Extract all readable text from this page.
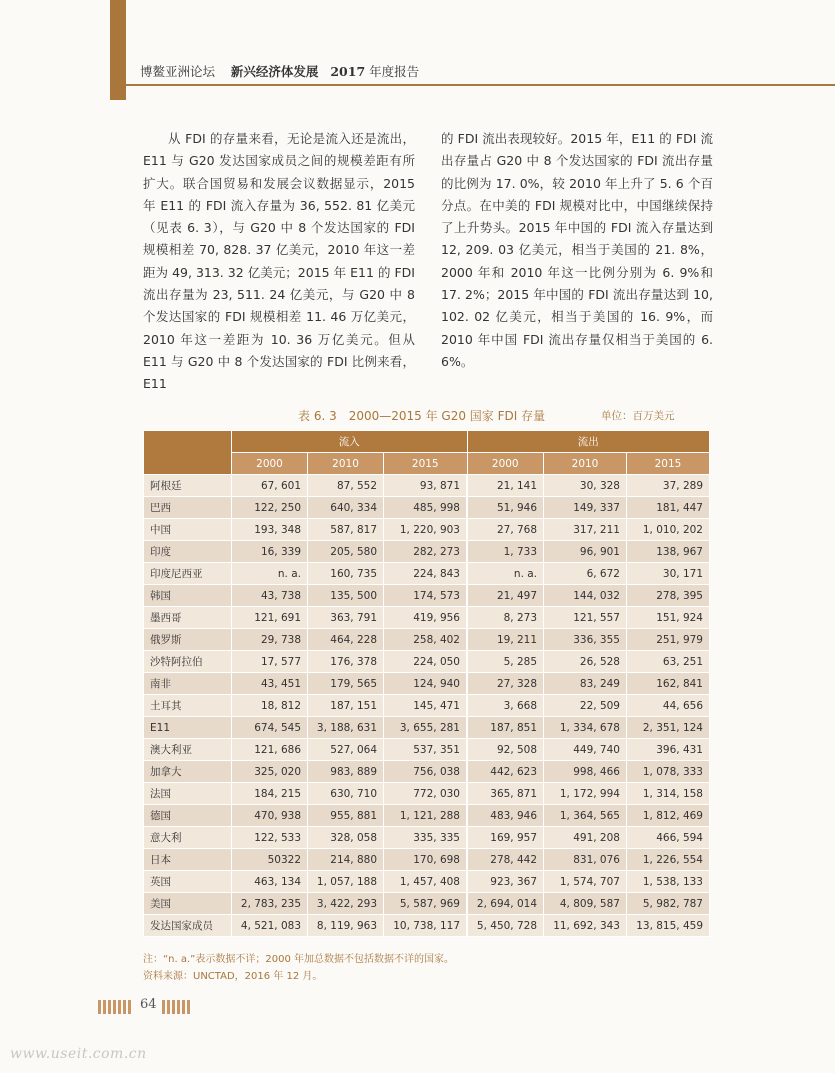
博鳌亚洲论坛 新兴经济体发展 2017 年度报告

从 FDI 的存量来看，无论是流入还是流出，E11 与 G20 发达国家成员之间的规模差距有所扩大。联合国贸易和发展会议数据显示，2015 年 E11 的 FDI 流入存量为 36, 552. 81 亿美元（见表 6. 3），与 G20 中 8 个发达国家的 FDI 规模相差 70, 828. 37 亿美元，2010 年这一差距为 49, 313. 32 亿美元；2015 年 E11 的 FDI 流出存量为 23, 511. 24 亿美元，与 G20 中 8 个发达国家的 FDI 规模相差 11. 46 万亿美元，2010 年这一差距为 10. 36 万亿美元。但从 E11 与 G20 中 8 个发达国家的 FDI 比例来看，E11

的 FDI 流出表现较好。2015 年，E11 的 FDI 流出存量占 G20 中 8 个发达国家的 FDI 流出存量的比例为 17. 0%，较 2010 年上升了 5. 6 个百分点。在中美的 FDI 规模对比中，中国继续保持了上升势头。2015 年中国的 FDI 流入存量达到 12, 209. 03 亿美元，相当于美国的 21. 8%，2000 年和 2010 年这一比例分别为 6. 9%和 17. 2%；2015 年中国的 FDI 流出存量达到 10, 102. 02 亿美元，相当于美国的 16. 9%，而 2010 年中国 FDI 流出存量仅相当于美国的 6. 6%。

表 6. 3　2000—2015 年 G20 国家 FDI 存量	单位：百万美元
	流入			流出		
	2000	2010	2015	2000	2010	2015
阿根廷	67, 601	87, 552	93, 871	21, 141	30, 328	37, 289
巴西	122, 250	640, 334	485, 998	51, 946	149, 337	181, 447
中国	193, 348	587, 817	1, 220, 903	27, 768	317, 211	1, 010, 202
印度	16, 339	205, 580	282, 273	1, 733	96, 901	138, 967
印度尼西亚	n. a.	160, 735	224, 843	n. a.	6, 672	30, 171
韩国	43, 738	135, 500	174, 573	21, 497	144, 032	278, 395
墨西哥	121, 691	363, 791	419, 956	8, 273	121, 557	151, 924
俄罗斯	29, 738	464, 228	258, 402	19, 211	336, 355	251, 979
沙特阿拉伯	17, 577	176, 378	224, 050	5, 285	26, 528	63, 251
南非	43, 451	179, 565	124, 940	27, 328	83, 249	162, 841
土耳其	18, 812	187, 151	145, 471	3, 668	22, 509	44, 656
E11	674, 545	3, 188, 631	3, 655, 281	187, 851	1, 334, 678	2, 351, 124
澳大利亚	121, 686	527, 064	537, 351	92, 508	449, 740	396, 431
加拿大	325, 020	983, 889	756, 038	442, 623	998, 466	1, 078, 333
法国	184, 215	630, 710	772, 030	365, 871	1, 172, 994	1, 314, 158
德国	470, 938	955, 881	1, 121, 288	483, 946	1, 364, 565	1, 812, 469
意大利	122, 533	328, 058	335, 335	169, 957	491, 208	466, 594
日本	50322	214, 880	170, 698	278, 442	831, 076	1, 226, 554
英国	463, 134	1, 057, 188	1, 457, 408	923, 367	1, 574, 707	1, 538, 133
美国	2, 783, 235	3, 422, 293	5, 587, 969	2, 694, 014	4, 809, 587	5, 982, 787
发达国家成员	4, 521, 083	8, 119, 963	10, 738, 117	5, 450, 728	11, 692, 343	13, 815, 459
注：“n. a.”表示数据不详；2000 年加总数据不包括数据不详的国家。
资料来源：UNCTAD，2016 年 12 月。
64
www.useit.com.cn
